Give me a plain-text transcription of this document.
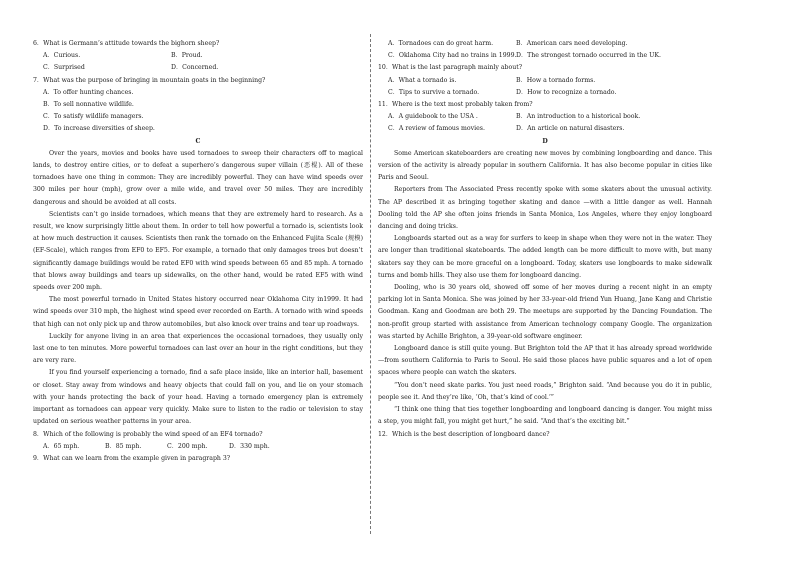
6．What is Germann’s attitude towards the bighorn sheep?

A．Curious.	B．Proud.
C．Surprised	D．Concerned.

7．What was the purpose of bringing in mountain goats in the beginning?

A．To offer hunting chances.

B．To sell nonnative wildlife.

C．To satisfy wildlife managers.

D．To increase diversities of sheep.

C

Over the years, movies and books have used tornadoes to sweep their characters off to magical lands, to destroy entire cities, or to defeat a superhero’s dangerous super villain (恶棍). All of these tornadoes have one thing in common: They are incredibly powerful. They can have wind speeds over 300 miles per hour (mph), grow over a mile wide, and travel over 50 miles. They are incredibly dangerous and should be avoided at all costs.

Scientists can’t go inside tornadoes, which means that they are extremely hard to research. As a result, we know surprisingly little about them. In order to tell how powerful a tornado is, scientists look at how much destruction it causes. Scientists then rank the tornado on the Enhanced Fujita Scale (规模) (EF-Scale), which ranges from EF0 to EF5. For example, a tornado that only damages trees but doesn’t significantly damage buildings would be rated EF0 with wind speeds between 65 and 85 mph. A tornado that blows away buildings and tears up sidewalks, on the other hand, would be rated EF5 with wind speeds over 200 mph.

The most powerful tornado in United States history occurred near Oklahoma City in1999. It had wind speeds over 310 mph, the highest wind speed ever recorded on Earth. A tornado with wind speeds that high can not only pick up and throw automobiles, but also knock over trains and tear up roadways.

Luckily for anyone living in an area that experiences the occasional tornadoes, they usually only last one to ten minutes. More powerful tornadoes can last over an hour in the right conditions, but they are very rare.

If you find yourself experiencing a tornado, find a safe place inside, like an interior hall, basement or closet. Stay away from windows and heavy objects that could fall on you, and lie on your stomach with your hands protecting the back of your head. Having a tornado emergency plan is extremely important as tornadoes can appear very quickly. Make sure to listen to the radio or television to stay updated on serious weather patterns in your area.

8．Which of the following is probably the wind speed of an EF4 tornado?

A．65 mph.	B．85 mph.	C．200 mph.	D．330 mph.

9．What can we learn from the example given in paragraph 3?

A．Tornadoes can do great harm.	B．American cars need developing.
C．Oklahoma City had no trains in 1999. D．The strongest tornado occurred in the UK.

10．What is the last paragraph mainly about?

A．What a tornado is.	B．How a tornado forms.
C．Tips to survive a tornado.	D．How to recognize a tornado.

11．Where is the text most probably taken from?

A．A guidebook to the USA .	B．An introduction to a historical book.
C．A review of famous movies.	D．An article on natural disasters.

D

Some American skateboarders are creating new moves by combining longboarding and dance. This version of the activity is already popular in southern California. It has also become popular in cities like Paris and Seoul.

Reporters from The Associated Press recently spoke with some skaters about the unusual activity. The AP described it as bringing together skating and dance —with a little danger as well. Hannah Dooling told the AP she often joins friends in Santa Monica, Los Angeles, where they enjoy longboard dancing and doing tricks.

Longboards started out as a way for surfers to keep in shape when they were not in the water. They are longer than traditional skateboards. The added length can be more difficult to move with, but many skaters say they can be more graceful on a longboard. Today, skaters use longboards to make sidewalk turns and bomb hills. They also use them for longboard dancing.

Dooling, who is 30 years old, showed off some of her moves during a recent night in an empty parking lot in Santa Monica. She was joined by her 33-year-old friend Yun Huang, Jane Kang and Christie Goodman. Kang and Goodman are both 29. The meetups are supported by the Dancing Foundation. The non-profit group started with assistance from American technology company Google. The organization was started by Achille Brighton, a 39-year-old software engineer.

Longboard dance is still quite young. But Brighton told the AP that it has already spread worldwide—from southern California to Paris to Seoul. He said those places have public squares and a lot of open spaces where people can watch the skaters.

“You don’t need skate parks. You just need roads,” Brighton said. “And because you do it in public, people see it. And they’re like, ‘Oh, that’s kind of cool.’”

“I think one thing that ties together longboarding and longboard dancing is danger. You might miss a step, you might fall, you might get hurt,” he said. “And that’s the exciting bit.”

12．Which is the best description of longboard dance?
